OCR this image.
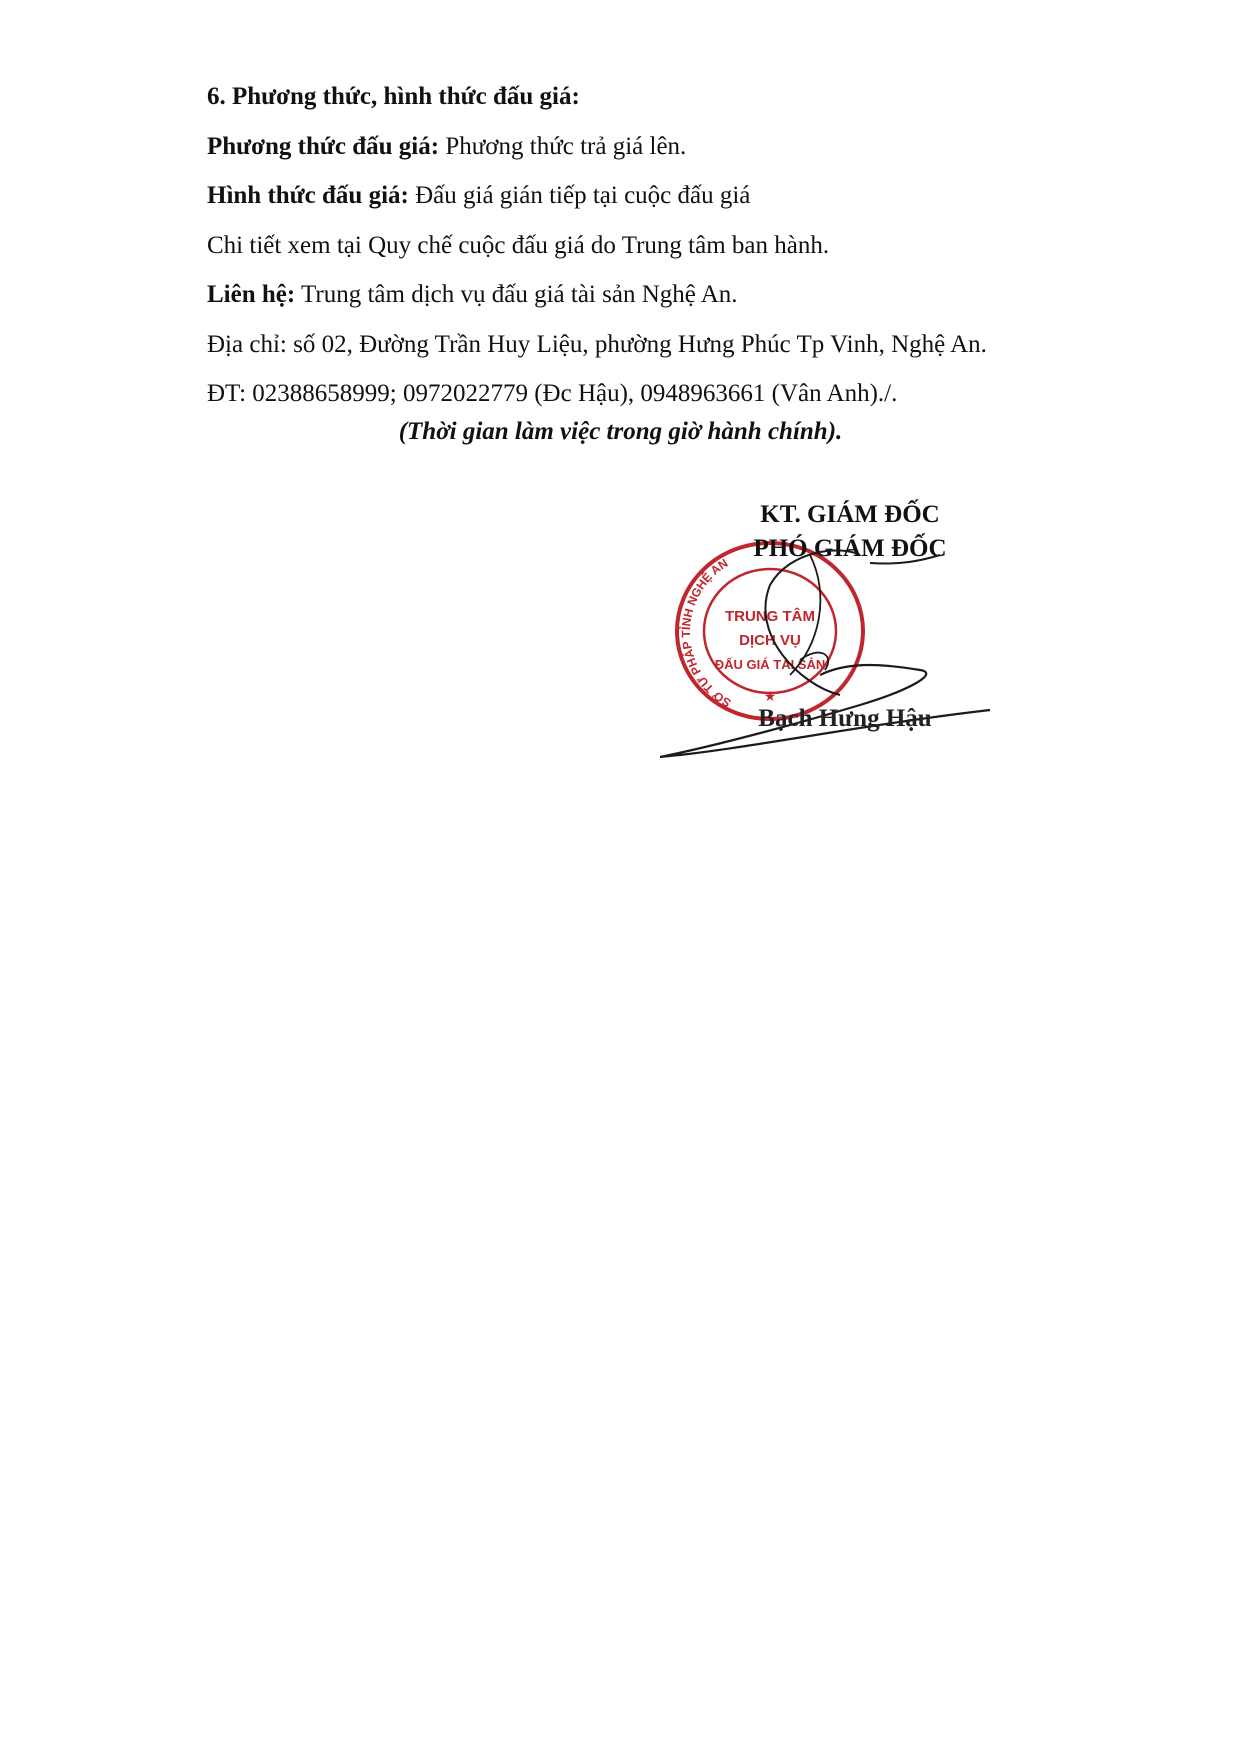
6. Phương thức, hình thức đấu giá:
Phương thức đấu giá: Phương thức trả giá lên.
Hình thức đấu giá: Đấu giá gián tiếp tại cuộc đấu giá
Chi tiết xem tại Quy chế cuộc đấu giá do Trung tâm ban hành.
Liên hệ: Trung tâm dịch vụ đấu giá tài sản Nghệ An.
Địa chỉ: số 02, Đường Trần Huy Liệu, phường Hưng Phúc Tp Vinh, Nghệ An.
ĐT: 02388658999; 0972022779 (Đc Hậu), 0948963661 (Vân Anh)./.
(Thời gian làm việc trong giờ hành chính).
SỞ TƯ PHÁP TỈNH NGHỆ AN
TRUNG TÂM
DỊCH VỤ
ĐẤU GIÁ TÀI SẢN
★
KT. GIÁM ĐỐC
PHÓ GIÁM ĐỐC
Bạch Hưng Hậu
